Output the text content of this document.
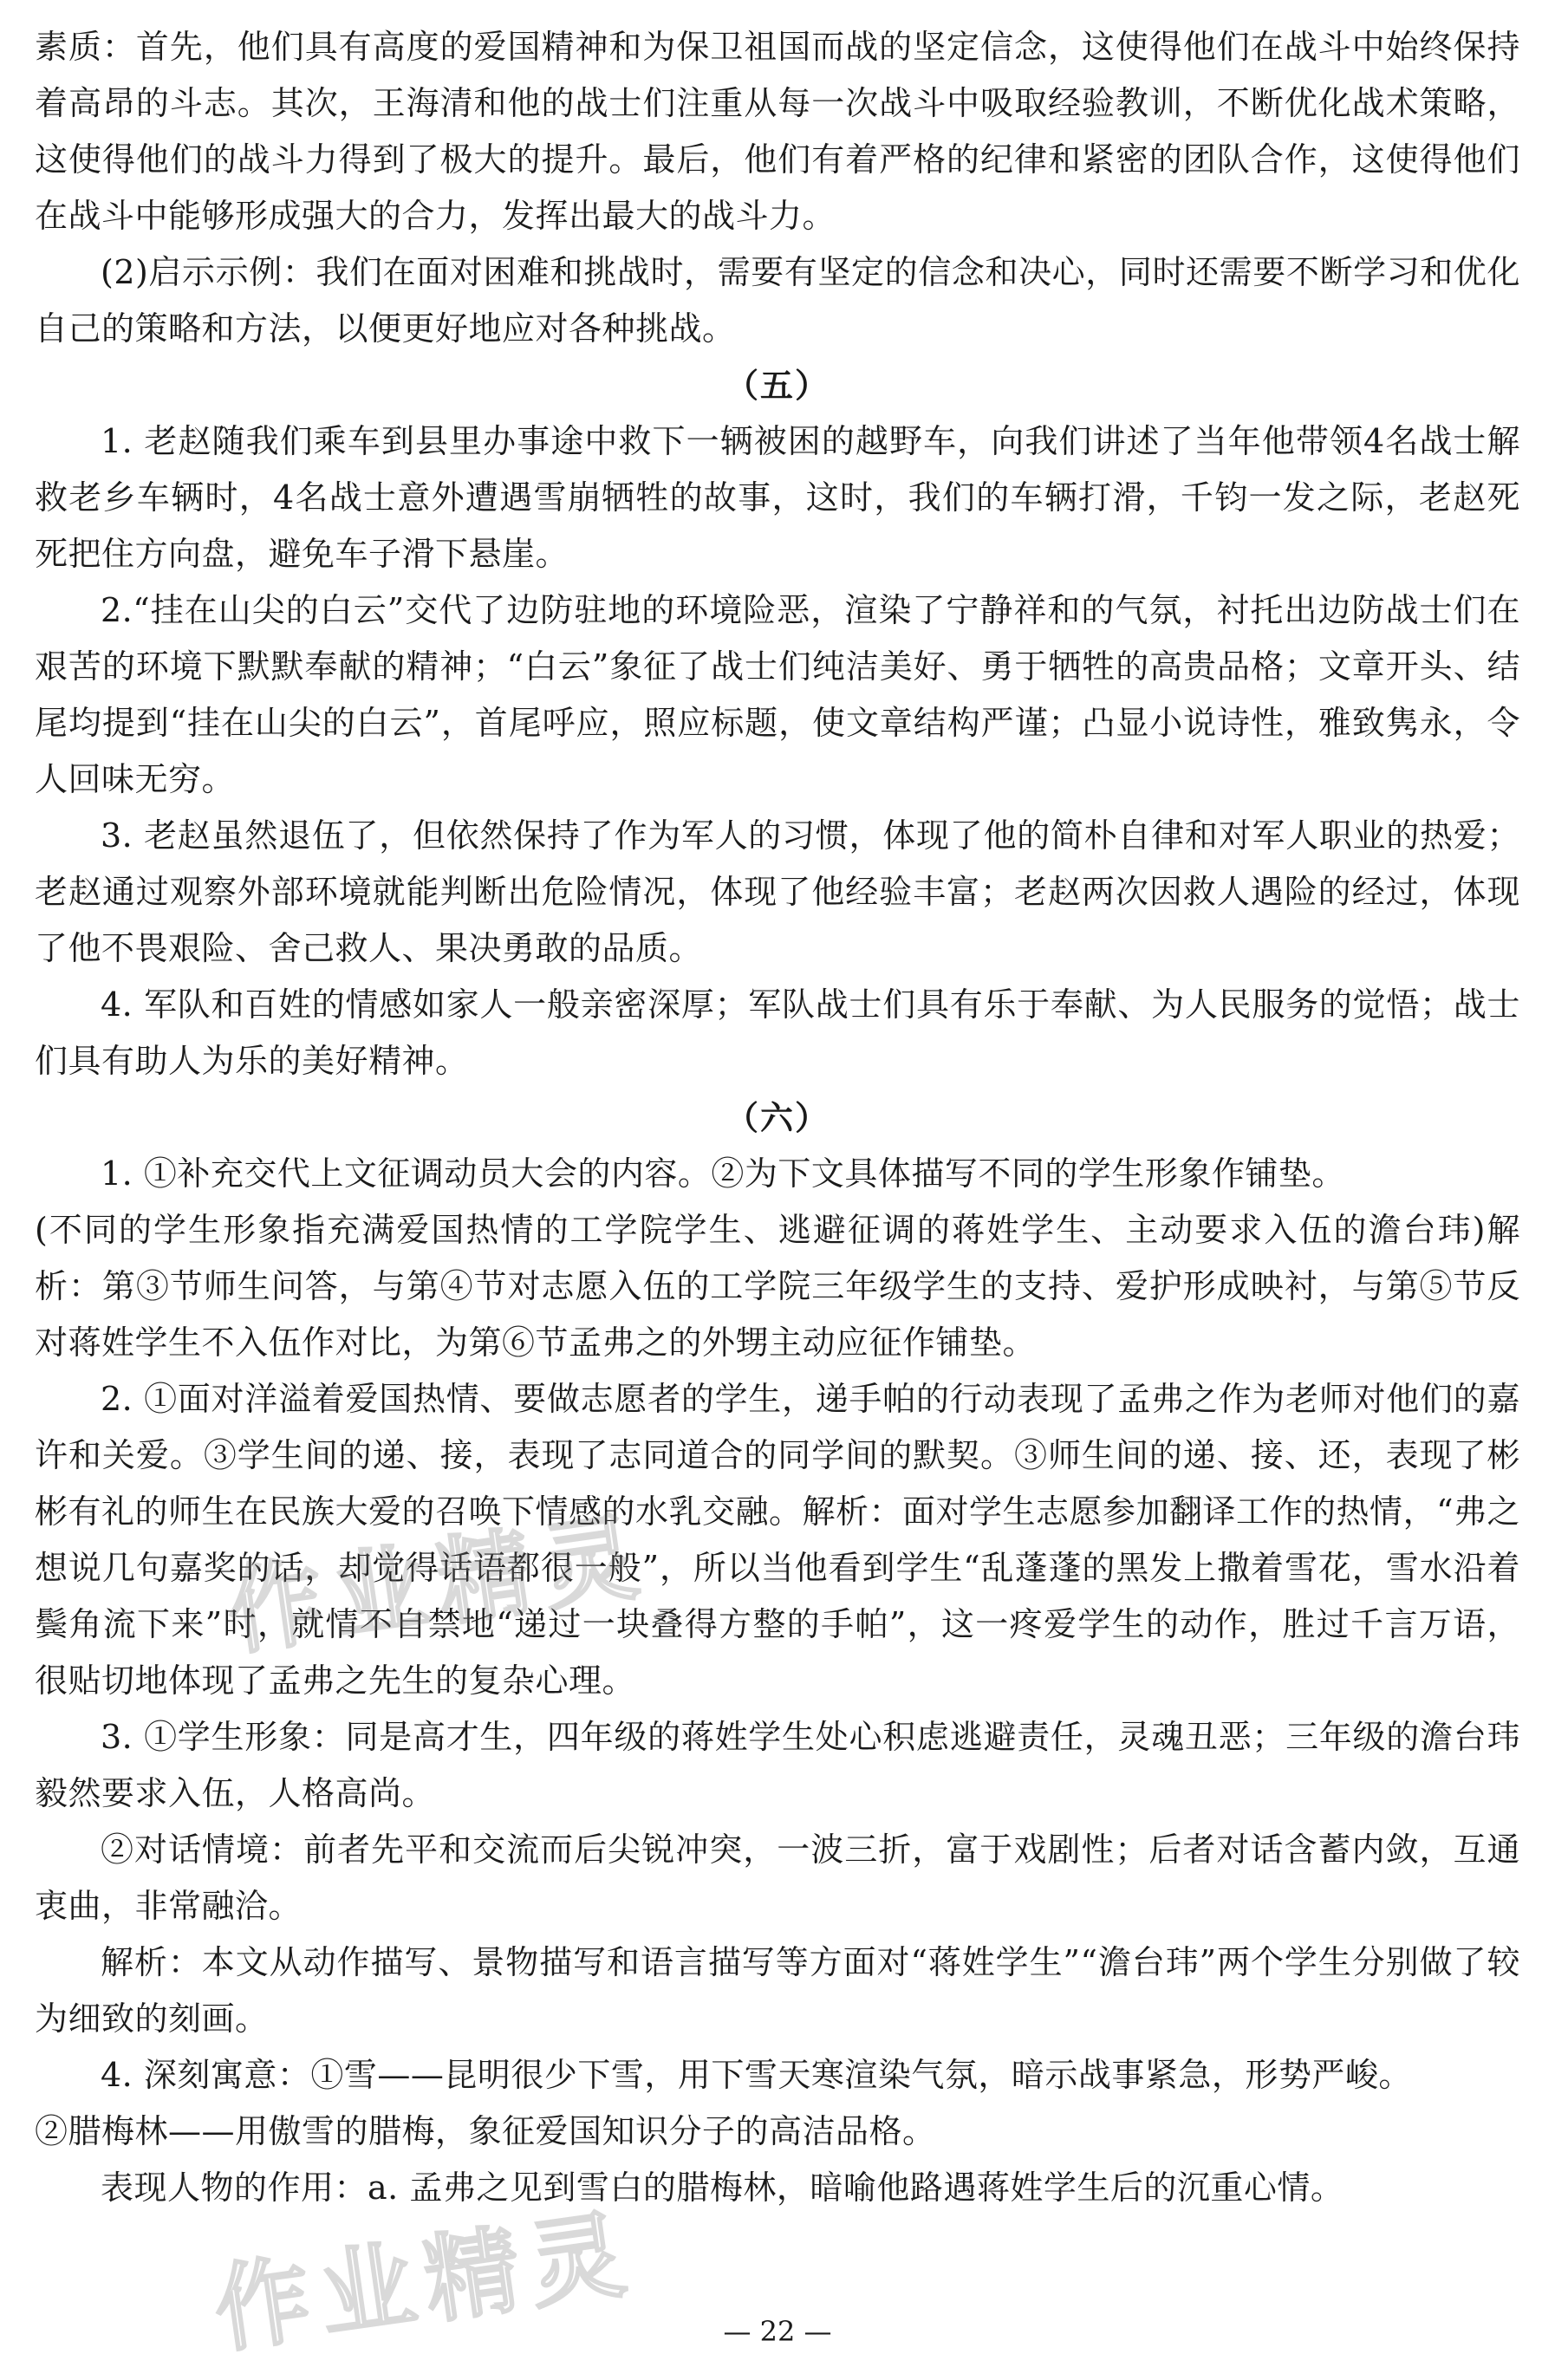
素质：首先，他们具有高度的爱国精神和为保卫祖国而战的坚定信念，这使得他们在战斗中始终保持着高昂的斗志。其次，王海清和他的战士们注重从每一次战斗中吸取经验教训，不断优化战术策略，这使得他们的战斗力得到了极大的提升。最后，他们有着严格的纪律和紧密的团队合作，这使得他们在战斗中能够形成强大的合力，发挥出最大的战斗力。

(2)启示示例：我们在面对困难和挑战时，需要有坚定的信念和决心，同时还需要不断学习和优化自己的策略和方法，以便更好地应对各种挑战。

（五）

1. 老赵随我们乘车到县里办事途中救下一辆被困的越野车，向我们讲述了当年他带领4名战士解救老乡车辆时，4名战士意外遭遇雪崩牺牲的故事，这时，我们的车辆打滑，千钧一发之际，老赵死死把住方向盘，避免车子滑下悬崖。

2.“挂在山尖的白云”交代了边防驻地的环境险恶，渲染了宁静祥和的气氛，衬托出边防战士们在艰苦的环境下默默奉献的精神；“白云”象征了战士们纯洁美好、勇于牺牲的高贵品格；文章开头、结尾均提到“挂在山尖的白云”，首尾呼应，照应标题，使文章结构严谨；凸显小说诗性，雅致隽永，令人回味无穷。

3. 老赵虽然退伍了，但依然保持了作为军人的习惯，体现了他的简朴自律和对军人职业的热爱；老赵通过观察外部环境就能判断出危险情况，体现了他经验丰富；老赵两次因救人遇险的经过，体现了他不畏艰险、舍己救人、果决勇敢的品质。

4. 军队和百姓的情感如家人一般亲密深厚；军队战士们具有乐于奉献、为人民服务的觉悟；战士们具有助人为乐的美好精神。

（六）

1. ①补充交代上文征调动员大会的内容。②为下文具体描写不同的学生形象作铺垫。

(不同的学生形象指充满爱国热情的工学院学生、逃避征调的蒋姓学生、主动要求入伍的澹台玮)解析：第③节师生问答，与第④节对志愿入伍的工学院三年级学生的支持、爱护形成映衬，与第⑤节反对蒋姓学生不入伍作对比，为第⑥节孟弗之的外甥主动应征作铺垫。

2. ①面对洋溢着爱国热情、要做志愿者的学生，递手帕的行动表现了孟弗之作为老师对他们的嘉许和关爱。③学生间的递、接，表现了志同道合的同学间的默契。③师生间的递、接、还，表现了彬彬有礼的师生在民族大爱的召唤下情感的水乳交融。解析：面对学生志愿参加翻译工作的热情，“弗之想说几句嘉奖的话，却觉得话语都很一般”，所以当他看到学生“乱蓬蓬的黑发上撒着雪花，雪水沿着鬓角流下来”时，就情不自禁地“递过一块叠得方整的手帕”，这一疼爱学生的动作，胜过千言万语，很贴切地体现了孟弗之先生的复杂心理。

3. ①学生形象：同是高才生，四年级的蒋姓学生处心积虑逃避责任，灵魂丑恶；三年级的澹台玮毅然要求入伍，人格高尚。

②对话情境：前者先平和交流而后尖锐冲突，一波三折，富于戏剧性；后者对话含蓄内敛，互通衷曲，非常融洽。

解析：本文从动作描写、景物描写和语言描写等方面对“蒋姓学生”“澹台玮”两个学生分别做了较为细致的刻画。

4. 深刻寓意：①雪——昆明很少下雪，用下雪天寒渲染气氛，暗示战事紧急，形势严峻。

②腊梅林——用傲雪的腊梅，象征爱国知识分子的高洁品格。

表现人物的作用：a. 孟弗之见到雪白的腊梅林，暗喻他路遇蒋姓学生后的沉重心情。

作业精灵
作业精灵	— 22 —
